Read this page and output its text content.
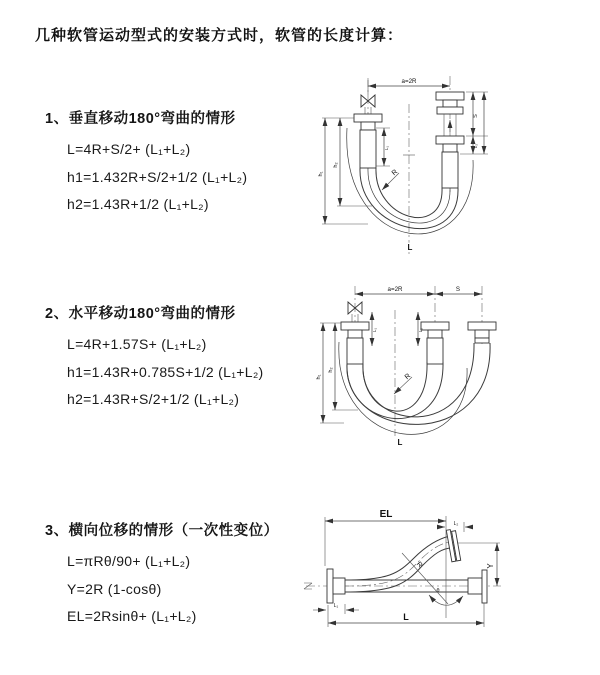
几种软管运动型式的安装方式时，软管的长度计算：
1、垂直移动180°弯曲的情形
L=4R+S/2+ (L₁+L₂)
h1=1.432R+S/2+1/2 (L₁+L₂)
h2=1.43R+1/2 (L₁+L₂)
a=2R
L
R
h₁
h₂
S
L₂
L₁
2、水平移动180°弯曲的情形
L=4R+1.57S+ (L₁+L₂)
h1=1.43R+0.785S+1/2 (L₁+L₂)
h2=1.43R+S/2+1/2 (L₁+L₂)
a=2R	S
L
R
h₁
h₂
L₁	L₂
3、横向位移的情形（一次性变位）
L=πRθ/90+ (L₁+L₂)
Y=2R (1-cosθ)
EL=2Rsinθ+ (L₁+L₂)
EL
L₂
Y
R
θ
L
L₁
